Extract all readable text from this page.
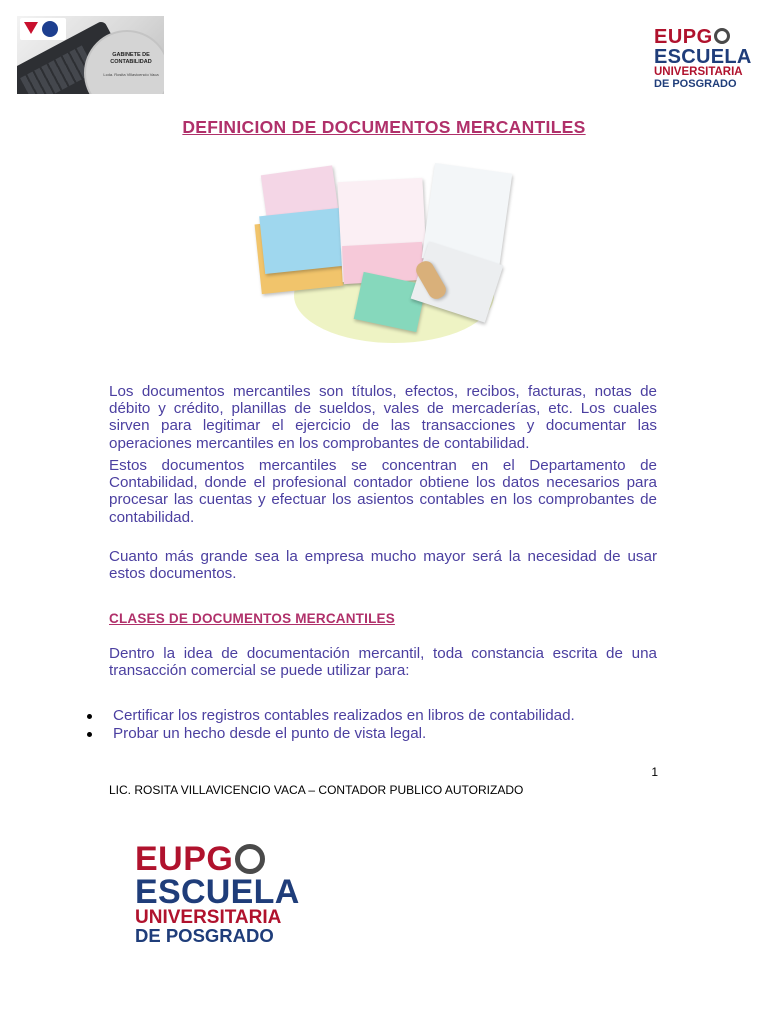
GABINETE DE CONTABILIDAD
Lcda. Rosita Villavicencio Vaca
EUPG
ESCUELA
UNIVERSITARIA
DE POSGRADO
DEFINICION DE DOCUMENTOS MERCANTILES

Los documentos mercantiles son títulos, efectos, recibos, facturas, notas de débito y crédito, planillas de sueldos, vales de mercaderías, etc. Los cuales sirven para legitimar el ejercicio de las transacciones y documentar las operaciones mercantiles en los comprobantes de contabilidad.

Estos documentos mercantiles se concentran en el Departamento de Contabilidad, donde el profesional contador obtiene los datos necesarios para procesar las cuentas y efectuar los asientos contables en los comprobantes de contabilidad.

Cuanto más grande sea la empresa mucho mayor será la necesidad de usar estos documentos.

CLASES DE DOCUMENTOS MERCANTILES

Dentro la idea de documentación mercantil, toda constancia escrita de una transacción comercial se puede utilizar para:

Certificar los registros contables realizados en libros de contabilidad.
Probar un hecho desde el punto de vista legal.
1
LIC. ROSITA VILLAVICENCIO VACA – CONTADOR PUBLICO AUTORIZADO
EUPG
ESCUELA
UNIVERSITARIA
DE POSGRADO
